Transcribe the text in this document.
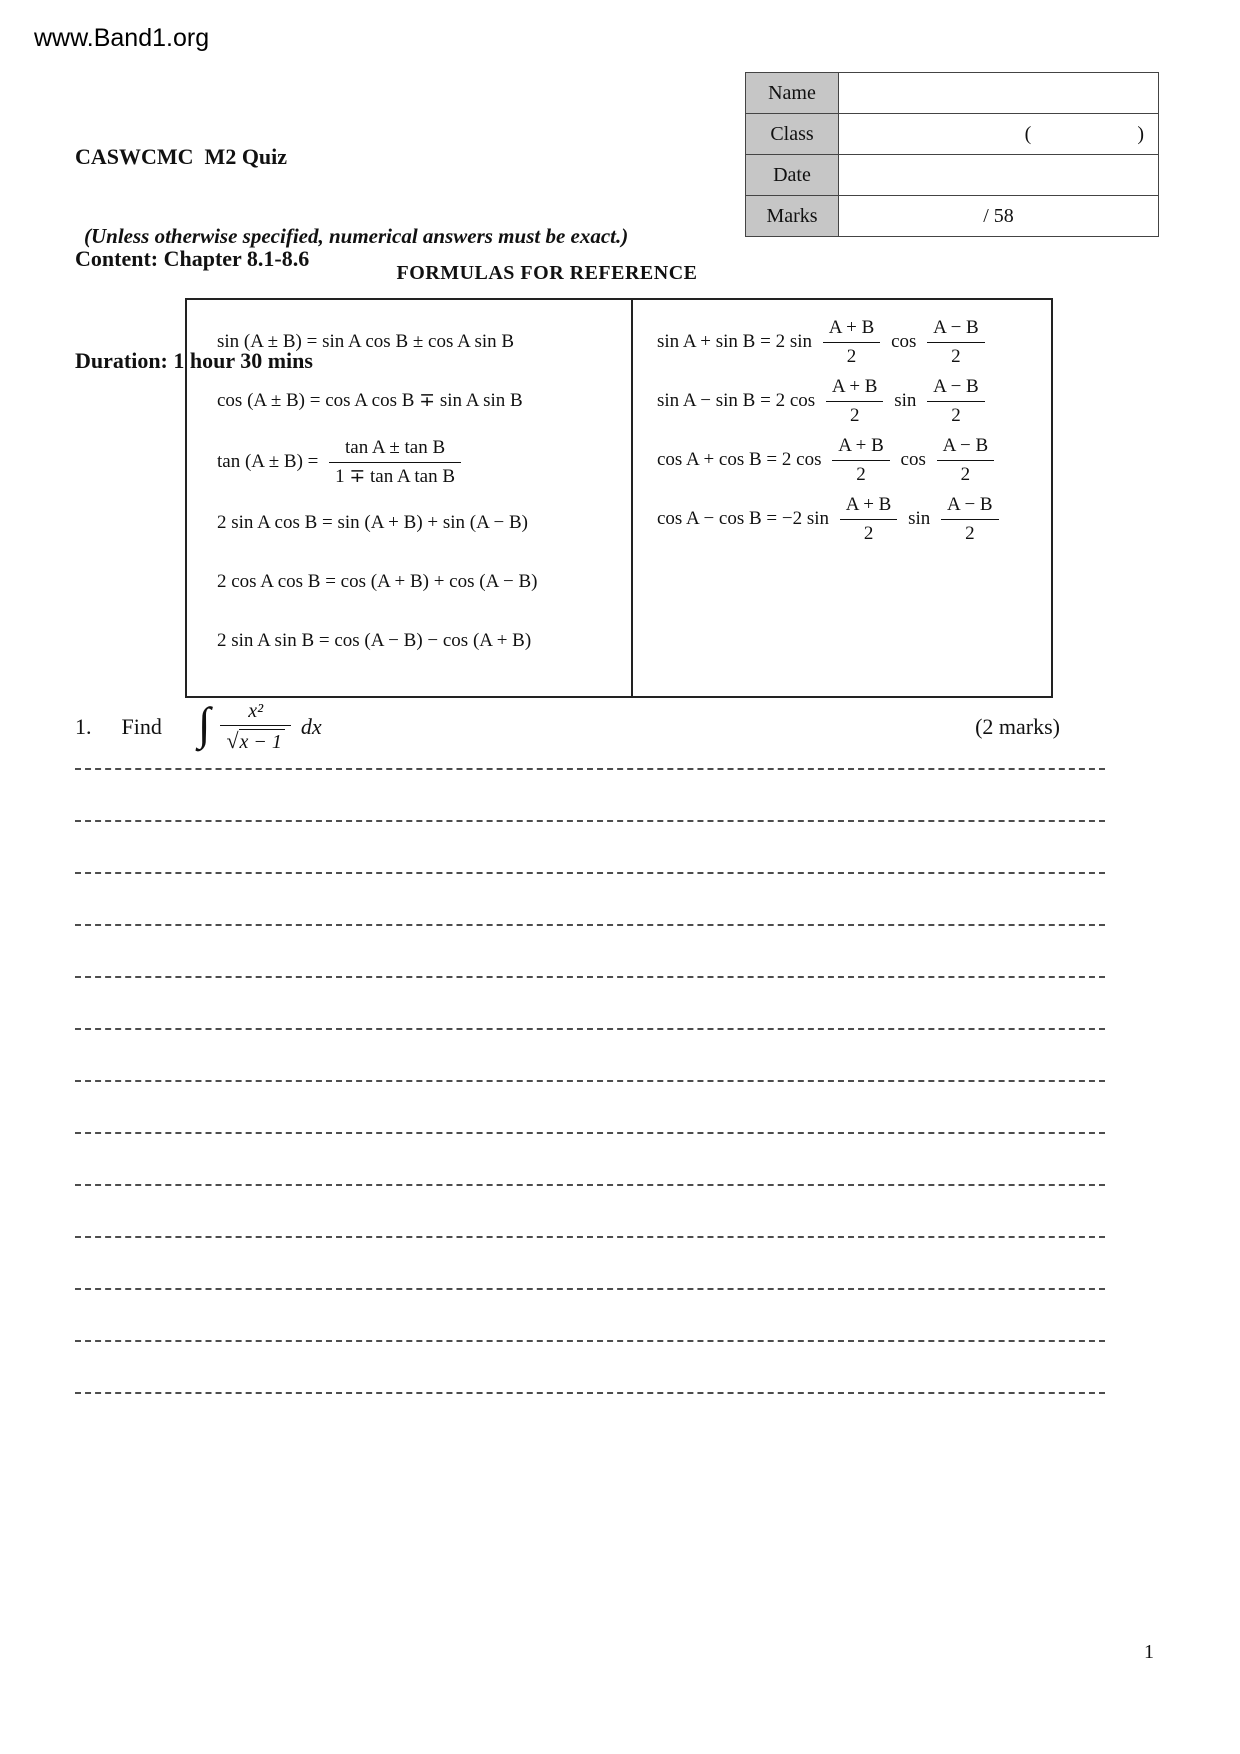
www.Band1.org

CASWCMC  M2 Quiz

Content: Chapter 8.1-8.6

Duration: 1 hour 30 mins

Name	
Class	( )
Date	
Marks	/ 58
(Unless otherwise specified, numerical answers must be exact.)
FORMULAS FOR REFERENCE
sin (A ± B) = sin A cos B ± cos A sin B
cos (A ± B) = cos A cos B ∓ sin A sin B
$\tan (A \pm B) = \frac{\text{tan A ± tan B}}{\text{1 ∓ tan A tan B}}$
2 sin A cos B = sin (A + B) + sin (A − B)
2 cos A cos B = cos (A + B) + cos (A − B)
2 sin A sin B = cos (A − B) − cos (A + B)
sin A + sin B = 2 $\sin \frac{A + B}{2}$ $\cos \frac{A - B}{2}$
sin A − sin B = 2 $\cos \frac{A + B}{2}$ $\sin \frac{A - B}{2}$
cos A + cos B = 2 $\cos \frac{A + B}{2}$ $\cos \frac{A - B}{2}$
cos A − cos B = −2 $\sin \frac{A + B}{2}$ $\sin \frac{A - B}{2}$
1. Find ∫ $\frac{\text{x²}}{√x - 1}$ dx	(2 marks)
1
